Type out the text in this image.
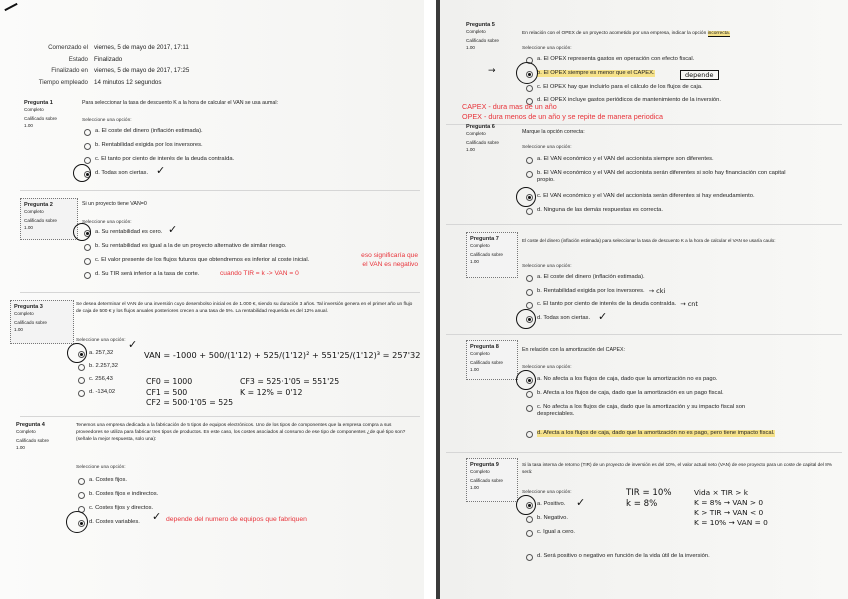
Comenzado el viernes, 5 de mayo de 2017, 17:11
Estado Finalizado
Finalizado en viernes, 5 de mayo de 2017, 17:25
Tiempo empleado 14 minutos 12 segundos
Pregunta 1
Completo
Calificado sobre
1.00
Para seleccionar la tasa de descuento K a la hora de calcular el VAN se usa aumal:
Seleccione una opción:
a. El coste del dinero (inflación estimada).
b. Rentabilidad exigida por los inversores.
c. El tanto por ciento de interés de la deuda contraída.
d. Todas son ciertas. ✓
Pregunta 2
Completo
Calificado sobre
1.00
Si un proyecto tiene VAN=0
Seleccione una opción:
a. Su rentabilidad es cero.
b. Su rentabilidad es igual a la de un proyecto alternativo de similar riesgo.
c. El valor presente de los flujos futuros que obtendremos es inferior al coste inicial.
d. Su TIR será inferior a la tasa de corte.
✓
cuando TIR = k -> VAN = 0
eso significaría que
el VAN es negativo
Pregunta 3
Completo
Calificado sobre
1.00
Se desea determinar el VAN de una inversión cuyo desembolso inicial es de 1.000 €, siendo su duración 3 años. Tal inversión genera en el primer año un flujo de caja de 500 € y los flujos anuales posteriores crecen a una tasa de 5%. La rentabilidad requerida es del 12% anual.
Seleccione una opción:
a. 257,32
b. 2.257,32
c. 256,43
d. -134,02
✓
VAN = -1000 + 500/(1'12) + 525/(1'12)² + 551'25/(1'12)³ = 257'32
CF0 = 1000
CF1 = 500
CF2 = 500·1'05 = 525
CF3 = 525·1'05 = 551'25
K = 12% = 0'12
Pregunta 4
Completo
Calificado sobre
1.00
Tenemos una empresa dedicada a la fabricación de 5 tipos de equipos electrónicos. Uno de los tipos de componentes que la empresa compra a sus proveedores se utiliza para fabricar tres tipos de productos. En este caso, los costes asociados al consumo de ese tipo de componentes ¿de qué tipo son? (señale la mejor respuesta, solo una):
Seleccione una opción:
a. Costes fijos.
b. Costes fijos e indirectos.
c. Costes fijos y directos.
d. Costes variables. ✓ depende del numero de equipos que fabriquen
Pregunta 5
Completo
Calificado sobre
1.00
En relación con el OPEX de un proyecto acometido por una empresa, indicar la opción incorrecta.
Seleccione una opción:
a. El OPEX representa gastos en operación con efecto fiscal.
b. El OPEX siempre es menor que el CAPEX.
c. El OPEX hay que incluirlo para el cálculo de los flujos de caja.
d. El OPEX incluye gastos periódicos de mantenimiento de la inversión.
→	depende
CAPEX - dura mas de un año
OPEX - dura menos de un año y se repite de manera periodica
Pregunta 6
Completo
Calificado sobre
1.00
Marque la opción correcta:
Seleccione una opción:
a. El VAN económico y el VAN del accionista siempre son diferentes.
b. El VAN económico y el VAN del accionista serán diferentes si solo hay financiación con capital propio.
c. El VAN económico y el VAN del accionista serán diferentes si hay endeudamiento.
d. Ninguna de las demás respuestas es correcta.
Pregunta 7
Completo
Calificado sobre
1.00
El coste del dinero (inflación estimada) para seleccionar la tasa de descuento K a la hora de calcular el VAN se usaría caulo:
Seleccione una opción:
a. El coste del dinero (inflación estimada).
b. Rentabilidad exigida por los inversores. → cki
c. El tanto por ciento de interés de la deuda contraída. → cnt
d. Todas son ciertas. ✓
Pregunta 8
Completo
Calificado sobre
1.00
En relación con la amortización del CAPEX:
Seleccione una opción:
a. No afecta a los flujos de caja, dado que la amortización no es pago.
b. Afecta a los flujos de caja, dado que la amortización es un pago fiscal.
c. No afecta a los flujos de caja, dado que la amortización y su impacto fiscal son despreciables.
d. Afecta a los flujos de caja, dado que la amortización no es pago, pero tiene impacto fiscal.
Pregunta 9
Completo
Calificado sobre
1.00
Si la tasa interna de retorno (TIR) de un proyecto de inversión es del 10%, el valor actual neto (VAN) de ese proyecto para un coste de capital del 8% será:
Seleccione una opción:
a. Positivo.
b. Negativo.
c. Igual a cero.
d. Será positivo o negativo en función de la vida útil de la inversión.
✓
TIR = 10%
k = 8%
Vida × TIR > k
K = 8% → VAN > 0
K > TIR → VAN < 0
K = 10% → VAN = 0
